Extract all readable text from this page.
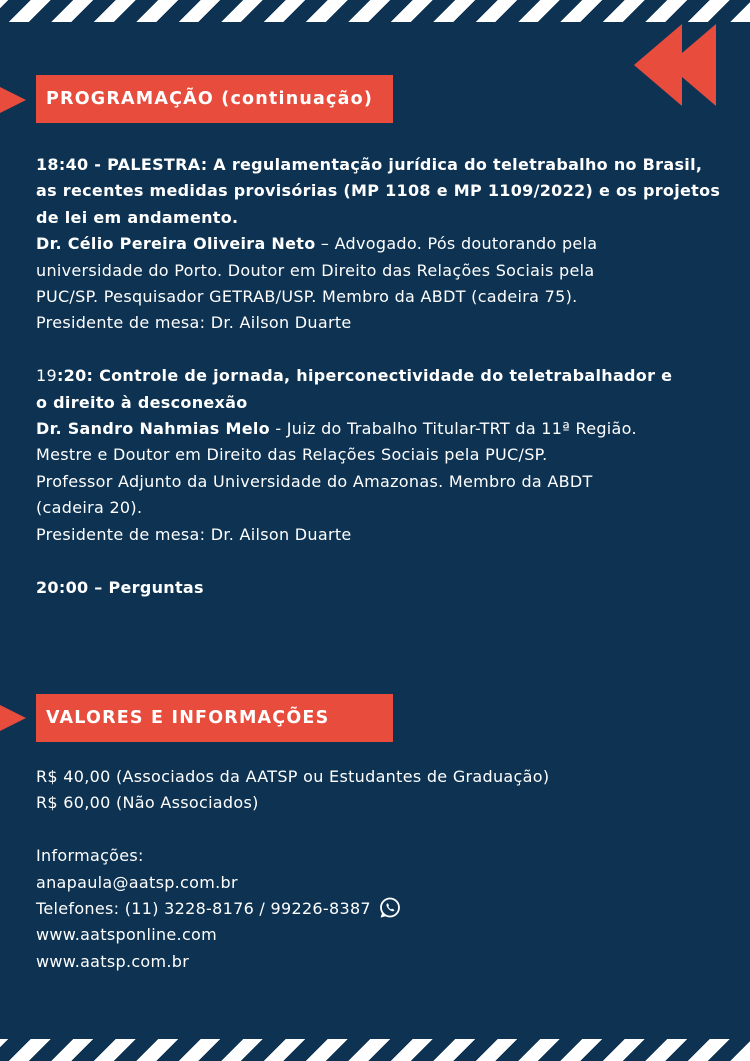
PROGRAMAÇÃO (continuação)

18:40 - PALESTRA: A regulamentação jurídica do teletrabalho no Brasil,

as recentes medidas provisórias (MP 1108 e MP 1109/2022) e os projetos

de lei em andamento.

Dr. Célio Pereira Oliveira Neto – Advogado. Pós doutorando pela

universidade do Porto. Doutor em Direito das Relações Sociais pela

PUC/SP. Pesquisador GETRAB/USP. Membro da ABDT (cadeira 75).

Presidente de mesa: Dr. Ailson Duarte

19:20: Controle de jornada, hiperconectividade do teletrabalhador e

o direito à desconexão

Dr. Sandro Nahmias Melo - Juiz do Trabalho Titular-TRT da 11ª Região.

Mestre e Doutor em Direito das Relações Sociais pela PUC/SP.

Professor Adjunto da Universidade do Amazonas. Membro da ABDT

(cadeira 20).

Presidente de mesa: Dr. Ailson Duarte

20:00 – Perguntas

VALORES E INFORMAÇÕES

R$ 40,00 (Associados da AATSP ou Estudantes de Graduação)

R$ 60,00 (Não Associados)

Informações:

anapaula@aatsp.com.br

Telefones: (11) 3228-8176 / 99226-8387

www.aatsponline.com

www.aatsp.com.br
